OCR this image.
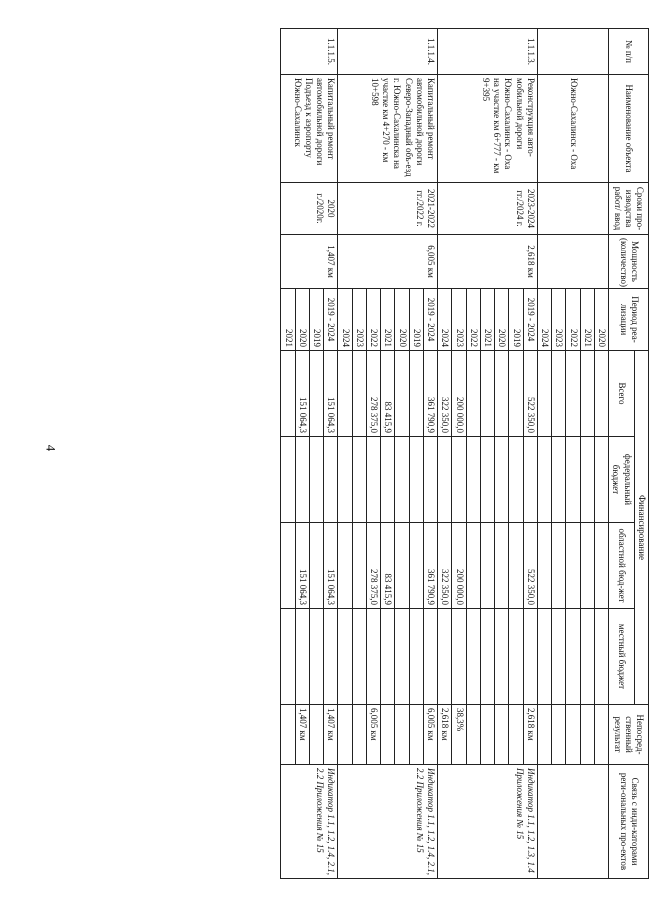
4
№ п/п	Наименование объекта	Сроки про-изводства работ/ ввод	Мощность (количество)	Период реа-лизации	Финансирование				Непосред-ственный результат	Связь с инди-каторами реги-ональных про-ектов
					Всего	федеральный бюджет	областной бюд-жет	местный бюджет		
	Южно-Сахалинск - Оха			2020						
				2021						
				2022						
				2023						
				2024						
1.1.1.3.	Реконструкция авто-мобильной дороги Южно-Сахалинск - Оха на участке км 6+777 - км 9+395	2023-2024 гг./2024 г.	2,618 км	2019 - 2024	522 350,0		522 350,0		2,618 км	Индикатор 1.1, 1.2, 1.3, 1.4 Приложения № 15
				2019						
				2020						
				2021						
				2022						
				2023	200 000,0		200 000,0		38,3%	
				2024	322 350,0		322 350,0		2,618 км	
1.1.1.4.	Капитальный ремонт автомобильной дороги Северо-Западный объ-езд г. Южно-Сахалинска на участке км 4+270 - км 10+598	2021-2022 гг./2022 г.	6,005 км	2019 - 2024	361 790,9		361 790,9		6,005 км	Индикатор 1.1, 1.2, 1.4, 2.1, 2.2 Приложения № 15
				2019						
				2020						
				2021	83 415,9		83 415,9			
				2022	278 375,0		278 375,0		6,005 км	
				2023						
				2024						
1.1.1.5.	Капитальный ремонт автомобильной дороги Подъезд к аэропорту Южно-Сахалинск	2020 г./2020г.	1,407 км	2019 - 2024	151 064,3		151 064,3		1,407 км	Индикатор 1.1, 1.2, 1.4, 2.1, 2.2 Приложения № 15
				2019						
				2020	151 064,3		151 064,3		1,407 км	
				2021						
